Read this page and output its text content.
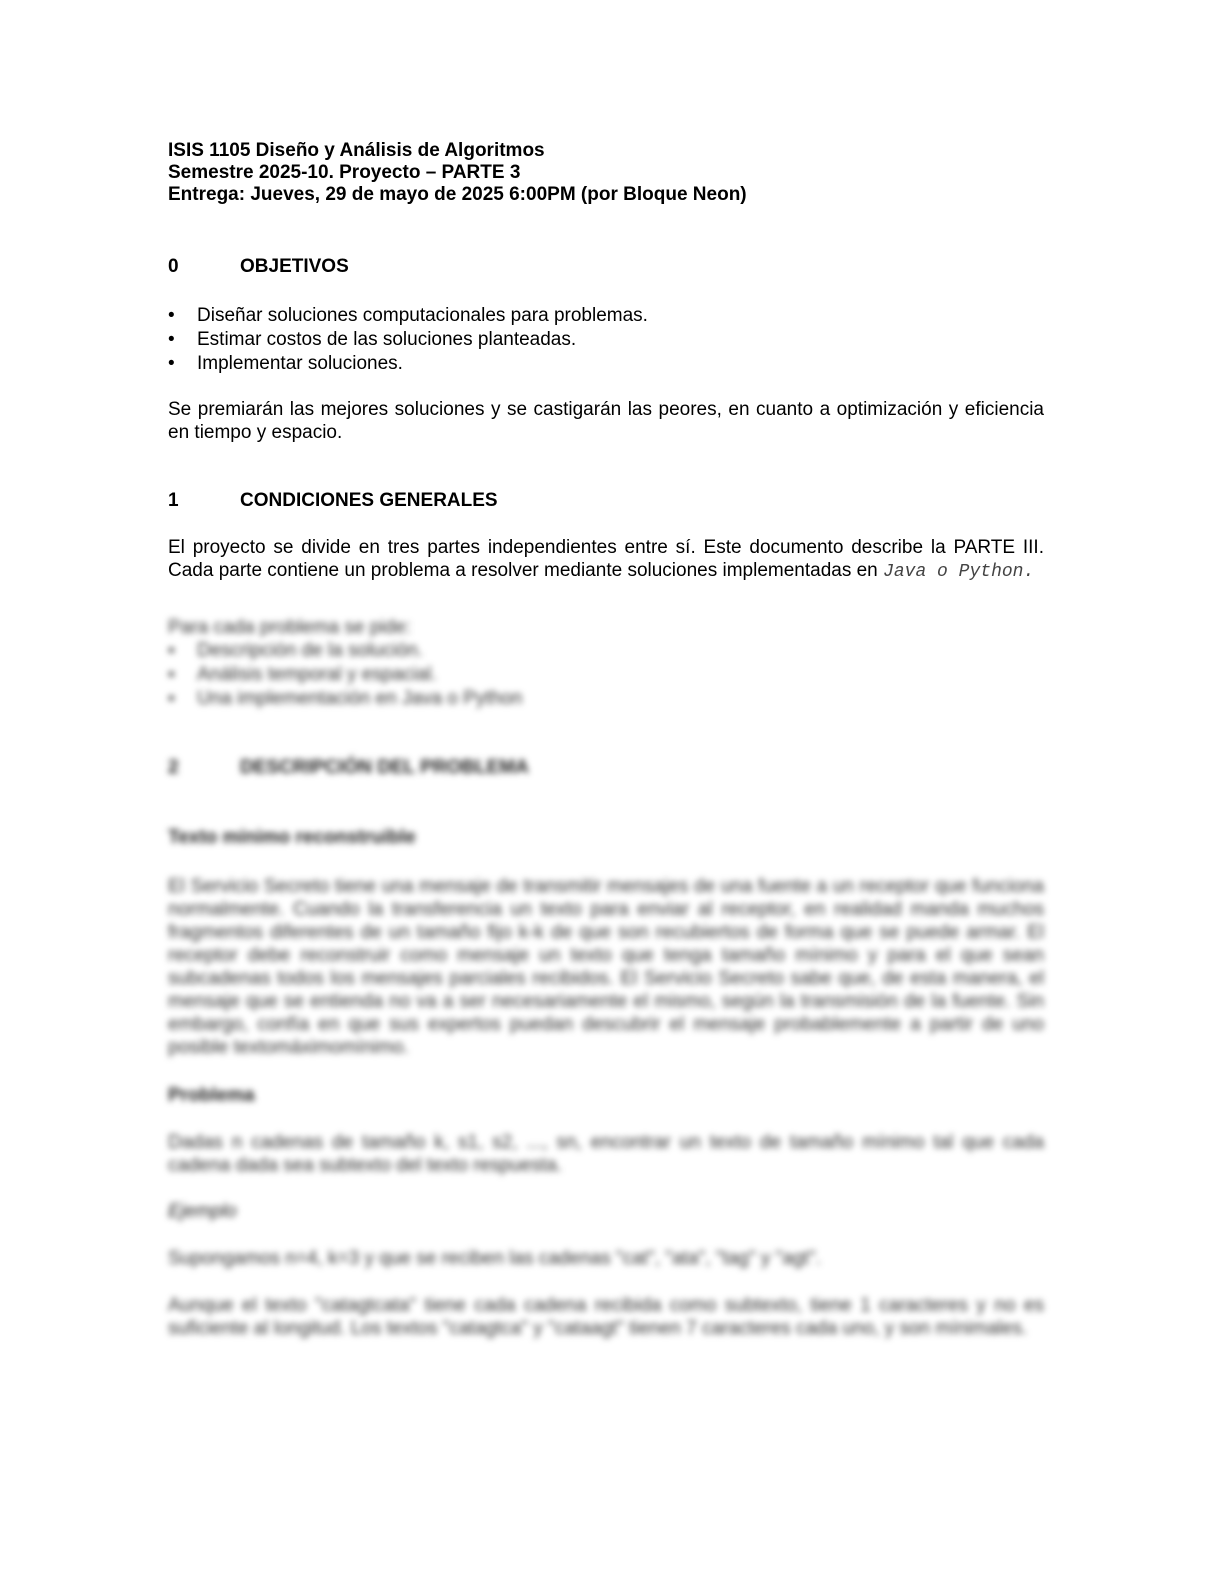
ISIS 1105 Diseño y Análisis de Algoritmos

Semestre 2025-10. Proyecto – PARTE 3

Entrega: Jueves, 29 de mayo de 2025 6:00PM (por Bloque Neon)

0	OBJETIVOS
•	Diseñar soluciones computacionales para problemas.
•	Estimar costos de las soluciones planteadas.
•	Implementar soluciones.

Se premiarán las mejores soluciones y se castigarán las peores, en cuanto a optimización y eficiencia en tiempo y espacio.

1	CONDICIONES GENERALES

El proyecto se divide en tres partes independientes entre sí. Este documento describe la PARTE III. Cada parte contiene un problema a resolver mediante soluciones implementadas en Java o Python.

Para cada problema se pide:

▪	Descripción de la solución.
▪	Análisis temporal y espacial.
▪	Una implementación en Java o Python
2	DESCRIPCIÓN DEL PROBLEMA

Texto mínimo reconstruible

El Servicio Secreto tiene una mensaje de transmitir mensajes de una fuente a un receptor que funciona normalmente. Cuando la transferencia un texto para enviar al receptor, en realidad manda muchos fragmentos diferentes de un tamaño fijo k-k de que son recubiertos de forma que se puede armar. El receptor debe reconstruir como mensaje un texto que tenga tamaño mínimo y para el que sean subcadenas todos los mensajes parciales recibidos. El Servicio Secreto sabe que, de esta manera, el mensaje que se entienda no va a ser necesariamente el mismo, según la transmisión de la fuente. Sin embargo, confía en que sus expertos puedan descubrir el mensaje probablemente a partir de uno posible textomáximomínimo.

Problema

Dadas n cadenas de tamaño k, s1, s2, ..., sn, encontrar un texto de tamaño mínimo tal que cada cadena dada sea subtexto del texto respuesta.

Ejemplo

Supongamos n=4, k=3 y que se reciben las cadenas "cat", "ata", "tag" y "agt".

Aunque el texto "catagtcata" tiene cada cadena recibida como subtexto, tiene 1 caracteres y no es suficiente al longitud. Los textos "catagtca" y "cataagt" tienen 7 caracteres cada uno, y son mínimales.
